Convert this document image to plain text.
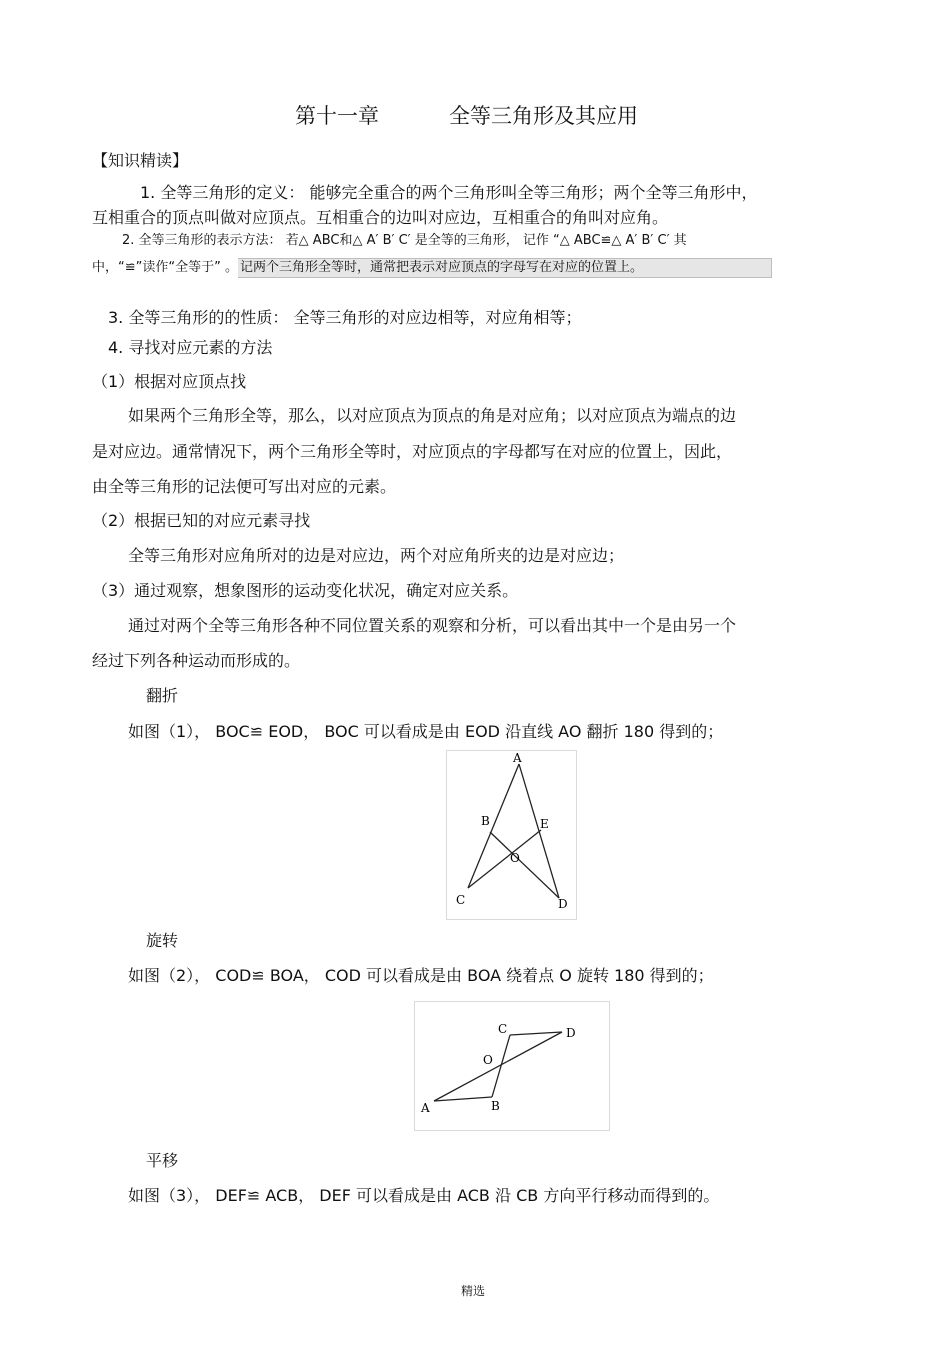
第十一章	全等三角形及其应用
【知识精读】
1. 全等三角形的定义： 能够完全重合的两个三角形叫全等三角形；两个全等三角形中，
互相重合的顶点叫做对应顶点。互相重合的边叫对应边，互相重合的角叫对应角。
2. 全等三角形的表示方法： 若△ ABC和△ A′ B′ C′ 是全等的三角形， 记作 “△ ABC≌△ A′ B′ C′ 其
中，“≌”读作“全等于” 。 记两个三角形全等时，通常把表示对应顶点的字母写在对应的位置上。
3. 全等三角形的的性质： 全等三角形的对应边相等，对应角相等；
4. 寻找对应元素的方法
（1）根据对应顶点找
如果两个三角形全等，那么，以对应顶点为顶点的角是对应角；以对应顶点为端点的边
是对应边。通常情况下，两个三角形全等时，对应顶点的字母都写在对应的位置上，因此，
由全等三角形的记法便可写出对应的元素。
（2）根据已知的对应元素寻找
全等三角形对应角所对的边是对应边，两个对应角所夹的边是对应边；
（3）通过观察，想象图形的运动变化状况，确定对应关系。
通过对两个全等三角形各种不同位置关系的观察和分析，可以看出其中一个是由另一个
经过下列各种运动而形成的。
翻折
如图（1）， BOC≌ EOD， BOC 可以看成是由 EOD 沿直线 AO 翻折 180 得到的；
A
B	E
O
C	D
旋转
如图（2）， COD≌ BOA， COD 可以看成是由 BOA 绕着点 O 旋转 180 得到的；
C	D
O
A	B
平移
如图（3）， DEF≌ ACB， DEF 可以看成是由 ACB 沿 CB 方向平行移动而得到的。
精选
